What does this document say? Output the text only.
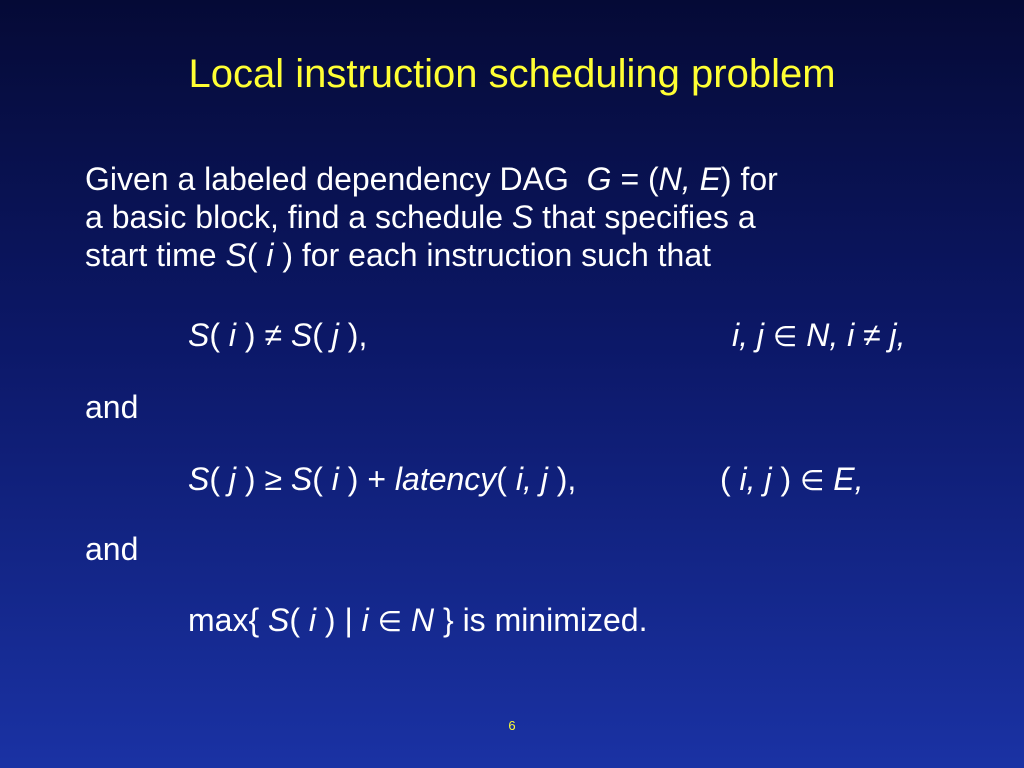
Local instruction scheduling problem
Given a labeled dependency DAG G = (N, E) for
a basic block, find a schedule S that specifies a
start time S( i ) for each instruction such that
S( i ) ≠ S( j ),	i, j ∈ N, i ≠ j,
and
S( j ) ≥ S( i ) + latency( i, j ),	( i, j ) ∈ E,
and
max{ S( i ) | i ∈ N } is minimized.
6
